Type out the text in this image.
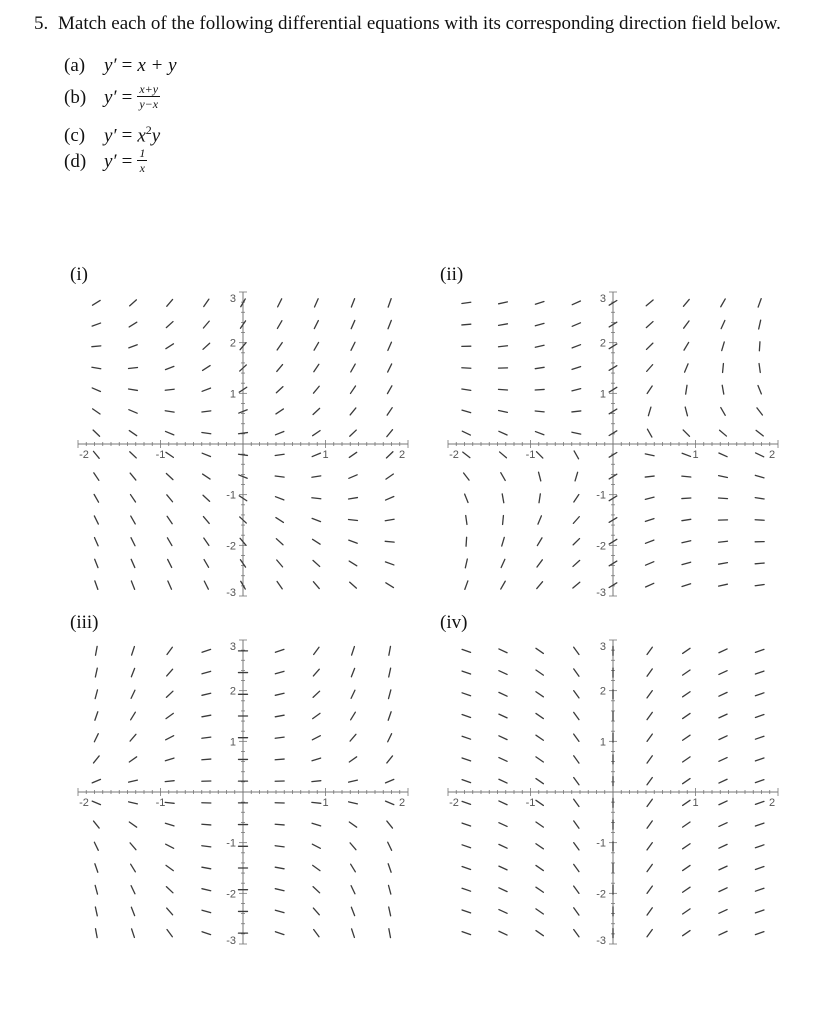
5. Match each of the following differential equations with its corresponding direction field below.

(a) y′ = x + y
(b) $y' = \frac{x+y}{y-x}$
(c) $y' = x^2y$
(d) $y' = \frac{1}{x}$
(i)	(ii)
(iii)	(iv)
-2	-1	1	2
3
2
1
-1
-2
-3
-2	-1	1	2
3
2
1
-1
-2
-3
-2	-1	1	2
3
2
1
-1
-2
-3
-2	-1	1	2
3
2
1
-1
-2
-3
